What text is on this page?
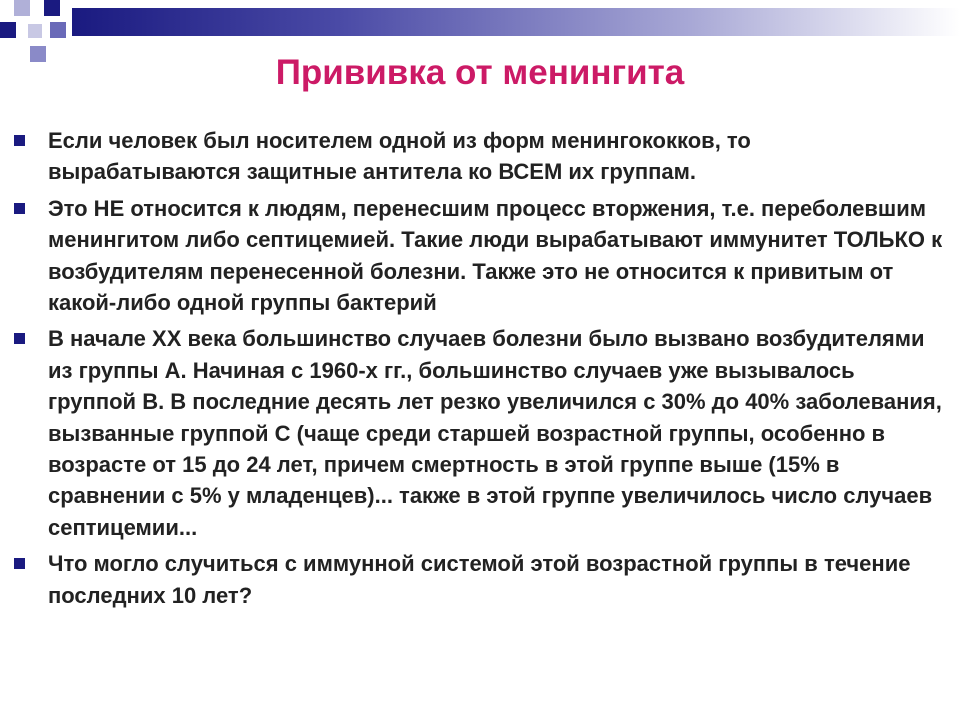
Прививка от менингита
Если человек был носителем одной из форм менингококков, то вырабатываются защитные антитела ко ВСЕМ их группам.
Это НЕ относится к людям, перенесшим процесс вторжения, т.е. переболевшим менингитом либо септицемией. Такие люди вырабатывают иммунитет ТОЛЬКО к возбудителям перенесенной болезни. Также это не относится к привитым от какой-либо одной группы бактерий
В начале ХХ века большинство случаев болезни было вызвано возбудителями из группы А. Начиная с 1960-х гг., большинство случаев уже вызывалось группой В. В последние десять лет резко увеличился с 30% до 40% заболевания, вызванные группой С (чаще среди старшей возрастной группы, особенно в возрасте от 15 до 24 лет, причем смертность в этой группе выше (15% в сравнении с 5% у младенцев)... также в этой группе увеличилось число случаев септицемии...
Что могло случиться с иммунной системой этой возрастной группы в течение последних 10 лет?
